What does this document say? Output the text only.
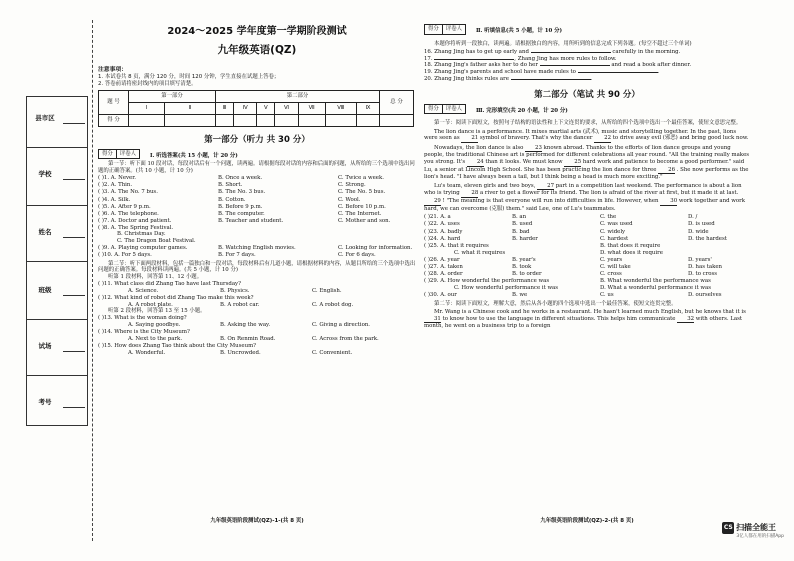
县市区
学校
姓名
班级
试场
考号
2024～2025 学年度第一学期阶段测试
九年级英语(QZ)
注意事项：
1. 本试卷共 8 页，满分 120 分，时间 120 分钟，学生直接在试题上答卷；
2. 答卷前请将密封线内的项目填写清楚。
题 号	第一部分		第二部分							总 分
	Ⅰ	Ⅱ	Ⅲ	Ⅳ	Ⅴ	Ⅵ	Ⅶ	Ⅷ	Ⅸ	
得 分										
第一部分（听力 共 30 分）
得分	评卷人	Ⅰ. 听选答案(共 15 小题，计 20 分)
第一节：听下面 10 段对话，每段对话后有一个问题，读两遍。请根据每段对话的内容和后面的问题，从所给的三个选项中选出问题的正确答案。(共 10 小题，计 10 分)
( )1. A. Never.	B. Once a week.	C. Twice a week.
( )2. A. Thin.	B. Short.	C. Strong.
( )3. A. The No. 7 bus.	B. The No. 3 bus.	C. The No. 5 bus.
( )4. A. Silk.	B. Cotton.	C. Wool.
( )5. A. After 9 p.m.	B. Before 9 p.m.	C. Before 10 p.m.
( )6. A. The telephone.	B. The computer.	C. The Internet.
( )7. A. Doctor and patient.	B. Teacher and student.	C. Mother and son.
( )8. A. The Spring Festival.
B. Christmas Day.
C. The Dragon Boat Festival.
( )9. A. Playing computer games.	B. Watching English movies.	C. Looking for information.
( )10. A. For 5 days.	B. For 7 days.	C. For 6 days.
第二节：听下面两段材料，包括一篇独白和一段对话，每段材料后有几道小题，请根据材料的内容，从题目所给的三个选项中选出问题的正确答案。每段材料读两遍。(共 5 小题，计 10 分)
听第 1 段材料，回答第 11、12 小题。
( )11. What class did Zhang Tao have last Thursday?
A. Science.	B. Physics.	C. English.
( )12. What kind of robot did Zhang Tao make this week?
A. A robot plate.	B. A robot car.	C. A robot dog.
听第 2 段材料，回答第 13 至 15 小题。
( )13. What is the woman doing?
A. Saying goodbye.	B. Asking the way.	C. Giving a direction.
( )14. Where is the City Museum?
A. Next to the park.	B. On Renmin Road.	C. Across from the park.
( )15. How does Zhang Tao think about the City Museum?
A. Wonderful.	B. Uncrowded.	C. Convenient.
九年级英语阶段测试(QZ)-1-(共 8 页)
得分	评卷人	Ⅱ. 听填信息(共 5 小题，计 10 分)
本题你将听到一段独白，读两遍。请根据独白的内容，用所听到的信息完成下列各题。(每空不超过三个单词)
16. Zhang Jing has to get up early and	carefully in the morning.
17.	, Zhang Jing has more rules to follow.
18. Zhang Jing's father asks her to do her	and read a book after dinner.
19. Zhang Jing's parents and school have made rules to	.
20. Zhang Jing thinks rules are	.
第二部分（笔试 共 90 分）
得分	评卷人	Ⅲ. 完形填空(共 20 小题，计 20 分)
第一节：阅读下面短文，按照句子结构的语法性和上下文连贯的要求，从所给的四个选项中选出一个最佳答案，使短文意思完整。
The lion dance is a performance. It mixes martial arts (武术), music and storytelling together. In the past, lions were seen as 21 symbol of bravery. That's why the dancer 22 to drive away evil (邪恶) and bring good luck now.
Nowadays, the lion dance is also 23 known abroad. Thanks to the efforts of lion dance groups and young people, the traditional Chinese art is performed for different celebrations all year round. "All the training really makes you strong. It's 24 than it looks. We must know 25 hard work and patience to become a good performer." said Lu, a senior at Lincoln High School. She has been practicing the lion dance for three 26 . She now performs as the lion's head. "I have always been a tail, but I think being a head is much more exciting."
Lu's team, eleven girls and two boys, 27 part in a competition last weekend. The performance is about a lion who is trying 28 a river to get a flower for its friend. The lion is afraid of the river at first, but it made it at last. 29 ! "The meaning is that everyone will run into difficulties in life. However, when 30 work together and work hard, we can overcome (克服) them." said Lee, one of Lu's teammates.
( )21. A. a	B. an	C. the	D. /
( )22. A. uses	B. used	C. was used	D. is used
( )23. A. badly	B. bad	C. widely	D. wide
( )24. A. hard	B. harder	C. hardest	D. the hardest
( )25. A. that it requires	B. that does it require
C. what it requires	D. what does it require
( )26. A. year	B. year's	C. years	D. years'
( )27. A. taken	B. took	C. will take	D. has taken
( )28. A. order	B. to order	C. cross	D. to cross
( )29. A. How wonderful the performance was	B. What wonderful the performance was
C. How wonderful performance it was	D. What a wonderful performance it was
( )30. A. our	B. we	C. us	D. ourselves
第二节：阅读下面短文，理解大意，然后从各小题的四个选项中选出一个最佳答案，使短文连贯完整。
Mr. Wang is a Chinese cook and he works in a restaurant. He hasn't learned much English, but he knows that it is 31 to know how to use the language in different situations. This helps him communicate 32 with others. Last month, he went on a business trip to a foreign
九年级英语阶段测试(QZ)-2-(共 8 页)
CS 扫描全能王
3亿人都在用的扫描App
